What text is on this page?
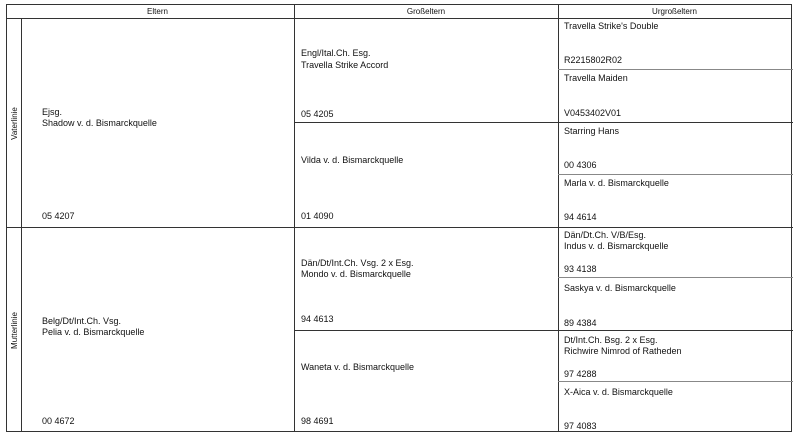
Eltern	Großeltern	Urgroßeltern
Vaterlinie
Mutterlinie
Ejsg.
Shadow v. d. Bismarckquelle
05 4207
Belg/Dt/Int.Ch. Vsg.
Pelia v. d. Bismarckquelle
00 4672
Engl/Ital.Ch. Esg.
Travella Strike Accord
05 4205
Vilda v. d. Bismarckquelle
01 4090
Dän/Dt/Int.Ch. Vsg. 2 x Esg.
Mondo v. d. Bismarckquelle
94 4613
Waneta v. d. Bismarckquelle
98 4691
Travella Strike's Double
R2215802R02
Travella Maiden
V0453402V01
Starring Hans
00 4306
Marla v. d. Bismarckquelle
94 4614
Dän/Dt.Ch. V/B/Esg.
Indus v. d. Bismarckquelle
93 4138
Saskya v. d. Bismarckquelle
89 4384
Dt/Int.Ch. Bsg. 2 x Esg.
Richwire Nimrod of Ratheden
97 4288
X-Aica v. d. Bismarckquelle
97 4083
